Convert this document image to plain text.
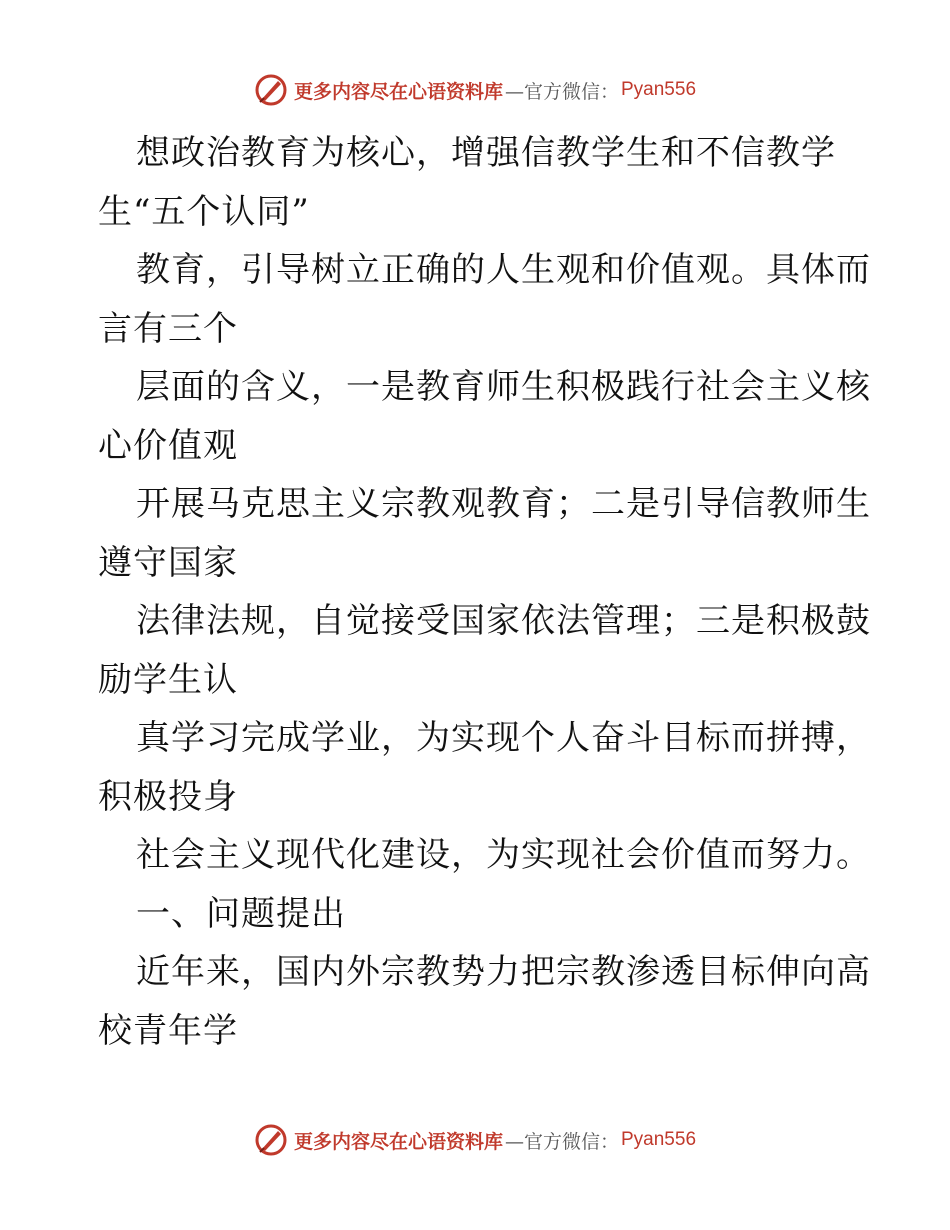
更多内容尽在心语资料库 —官方微信： Pyan556
想政治教育为核心，增强信教学生和不信教学
生“五个认同”
教育，引导树立正确的人生观和价值观。具体而
言有三个
层面的含义，一是教育师生积极践行社会主义核
心价值观
开展马克思主义宗教观教育；二是引导信教师生
遵守国家
法律法规，自觉接受国家依法管理；三是积极鼓
励学生认
真学习完成学业，为实现个人奋斗目标而拼搏，
积极投身
社会主义现代化建设，为实现社会价值而努力。
一、问题提出
近年来，国内外宗教势力把宗教渗透目标伸向高
校青年学
更多内容尽在心语资料库 —官方微信： Pyan556
